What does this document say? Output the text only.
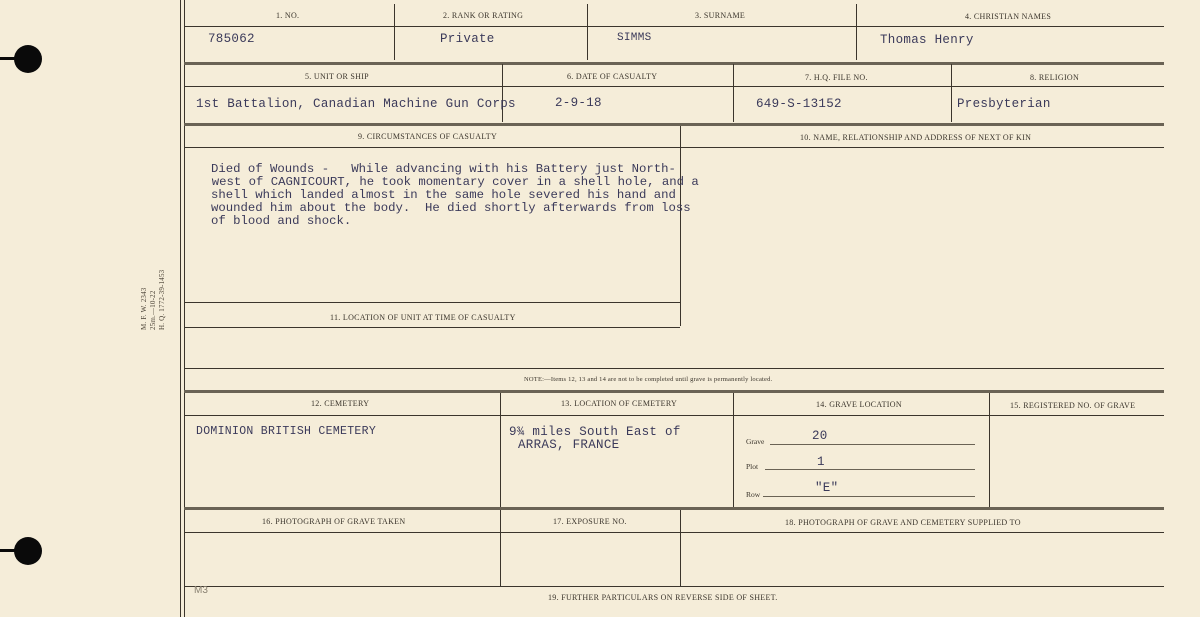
M. F. W. 2343 25m.—10-22 H. Q. 1772-39-1453
1. NO.	2. RANK OR RATING	3. SURNAME	4. CHRISTIAN NAMES
785062	Private	SIMMS	Thomas Henry
5. UNIT OR SHIP	6. DATE OF CASUALTY	7. H.Q. FILE NO.	8. RELIGION
1st Battalion, Canadian Machine Gun Corps	2-9-18	649-S-13152	Presbyterian
9. CIRCUMSTANCES OF CASUALTY	10. NAME, RELATIONSHIP AND ADDRESS OF NEXT OF KIN
Died of Wounds -   While advancing with his Battery just North-
west of CAGNICOURT, he took momentary cover in a shell hole, and a
shell which landed almost in the same hole severed his hand and
wounded him about the body.  He died shortly afterwards from loss
of blood and shock.
11. LOCATION OF UNIT AT TIME OF CASUALTY
NOTE:—Items 12, 13 and 14 are not to be completed until grave is permanently located.
12. CEMETERY	13. LOCATION OF CEMETERY	14. GRAVE LOCATION	15. REGISTERED NO. OF GRAVE
DOMINION BRITISH CEMETERY	9¾ miles South East of
ARRAS, FRANCE	Grave	20
Plot	1
Row	"E"
16. PHOTOGRAPH OF GRAVE TAKEN	17. EXPOSURE NO.	18. PHOTOGRAPH OF GRAVE AND CEMETERY SUPPLIED TO
M3
19. FURTHER PARTICULARS ON REVERSE SIDE OF SHEET.
